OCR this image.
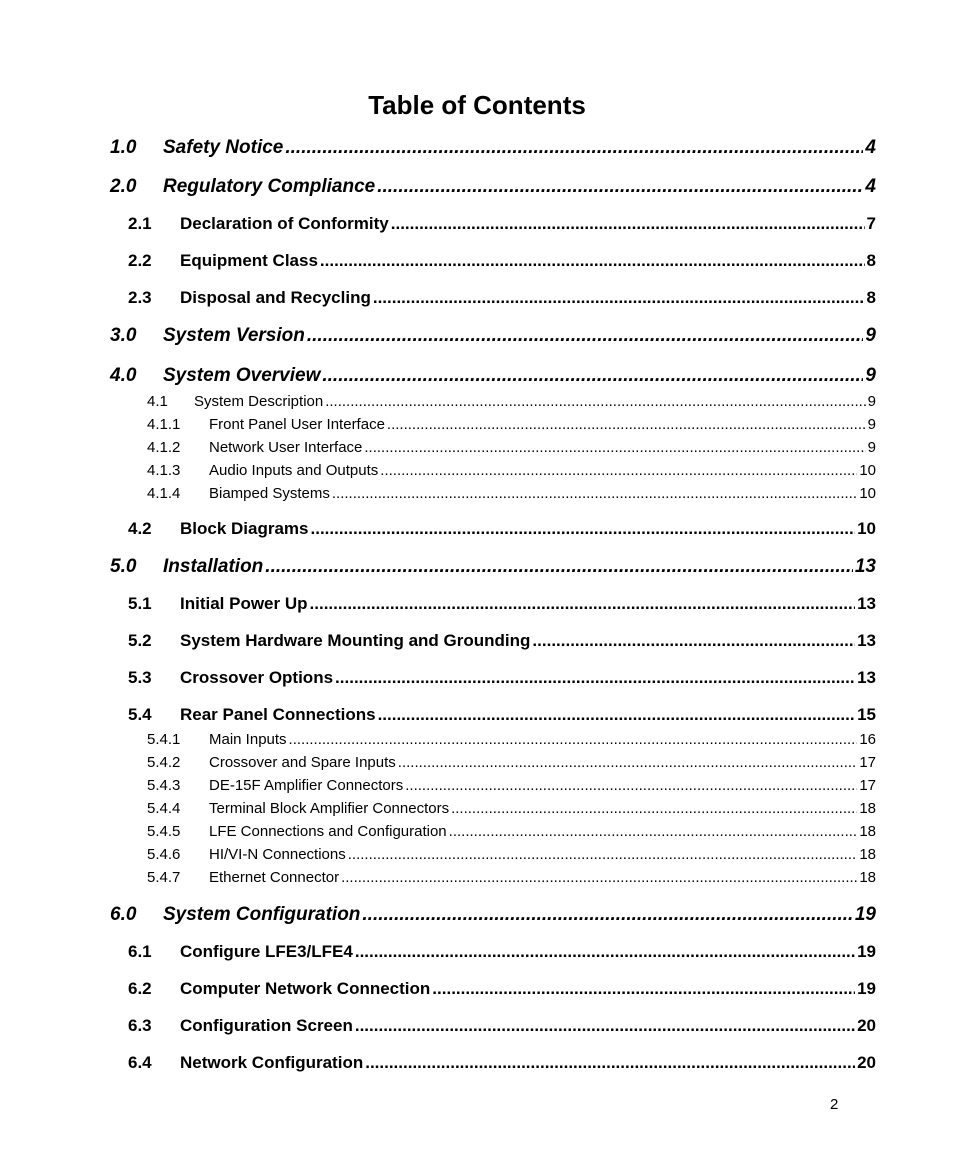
Table of Contents
1.0	Safety Notice .....	4
2.0	Regulatory Compliance .....	4
2.1	Declaration of Conformity .....	7
2.2	Equipment Class .....	8
2.3	Disposal and Recycling .....	8
3.0	System Version .....	9
4.0	System Overview .....	9
4.1	System Description .....	9
4.1.1	Front Panel User Interface .....	9
4.1.2	Network User Interface .....	9
4.1.3	Audio Inputs and Outputs .....	10
4.1.4	Biamped Systems .....	10
4.2	Block Diagrams .....	10
5.0	Installation .....	13
5.1	Initial Power Up .....	13
5.2	System Hardware Mounting and Grounding .....	13
5.3	Crossover Options .....	13
5.4	Rear Panel Connections .....	15
5.4.1	Main Inputs .....	16
5.4.2	Crossover and Spare Inputs .....	17
5.4.3	DE-15F Amplifier Connectors .....	17
5.4.4	Terminal Block Amplifier Connectors .....	18
5.4.5	LFE Connections and Configuration .....	18
5.4.6	HI/VI-N Connections .....	18
5.4.7	Ethernet Connector .....	18
6.0	System Configuration .....	19
6.1	Configure LFE3/LFE4 .....	19
6.2	Computer Network Connection .....	19
6.3	Configuration Screen .....	20
6.4	Network Configuration .....	20
2
